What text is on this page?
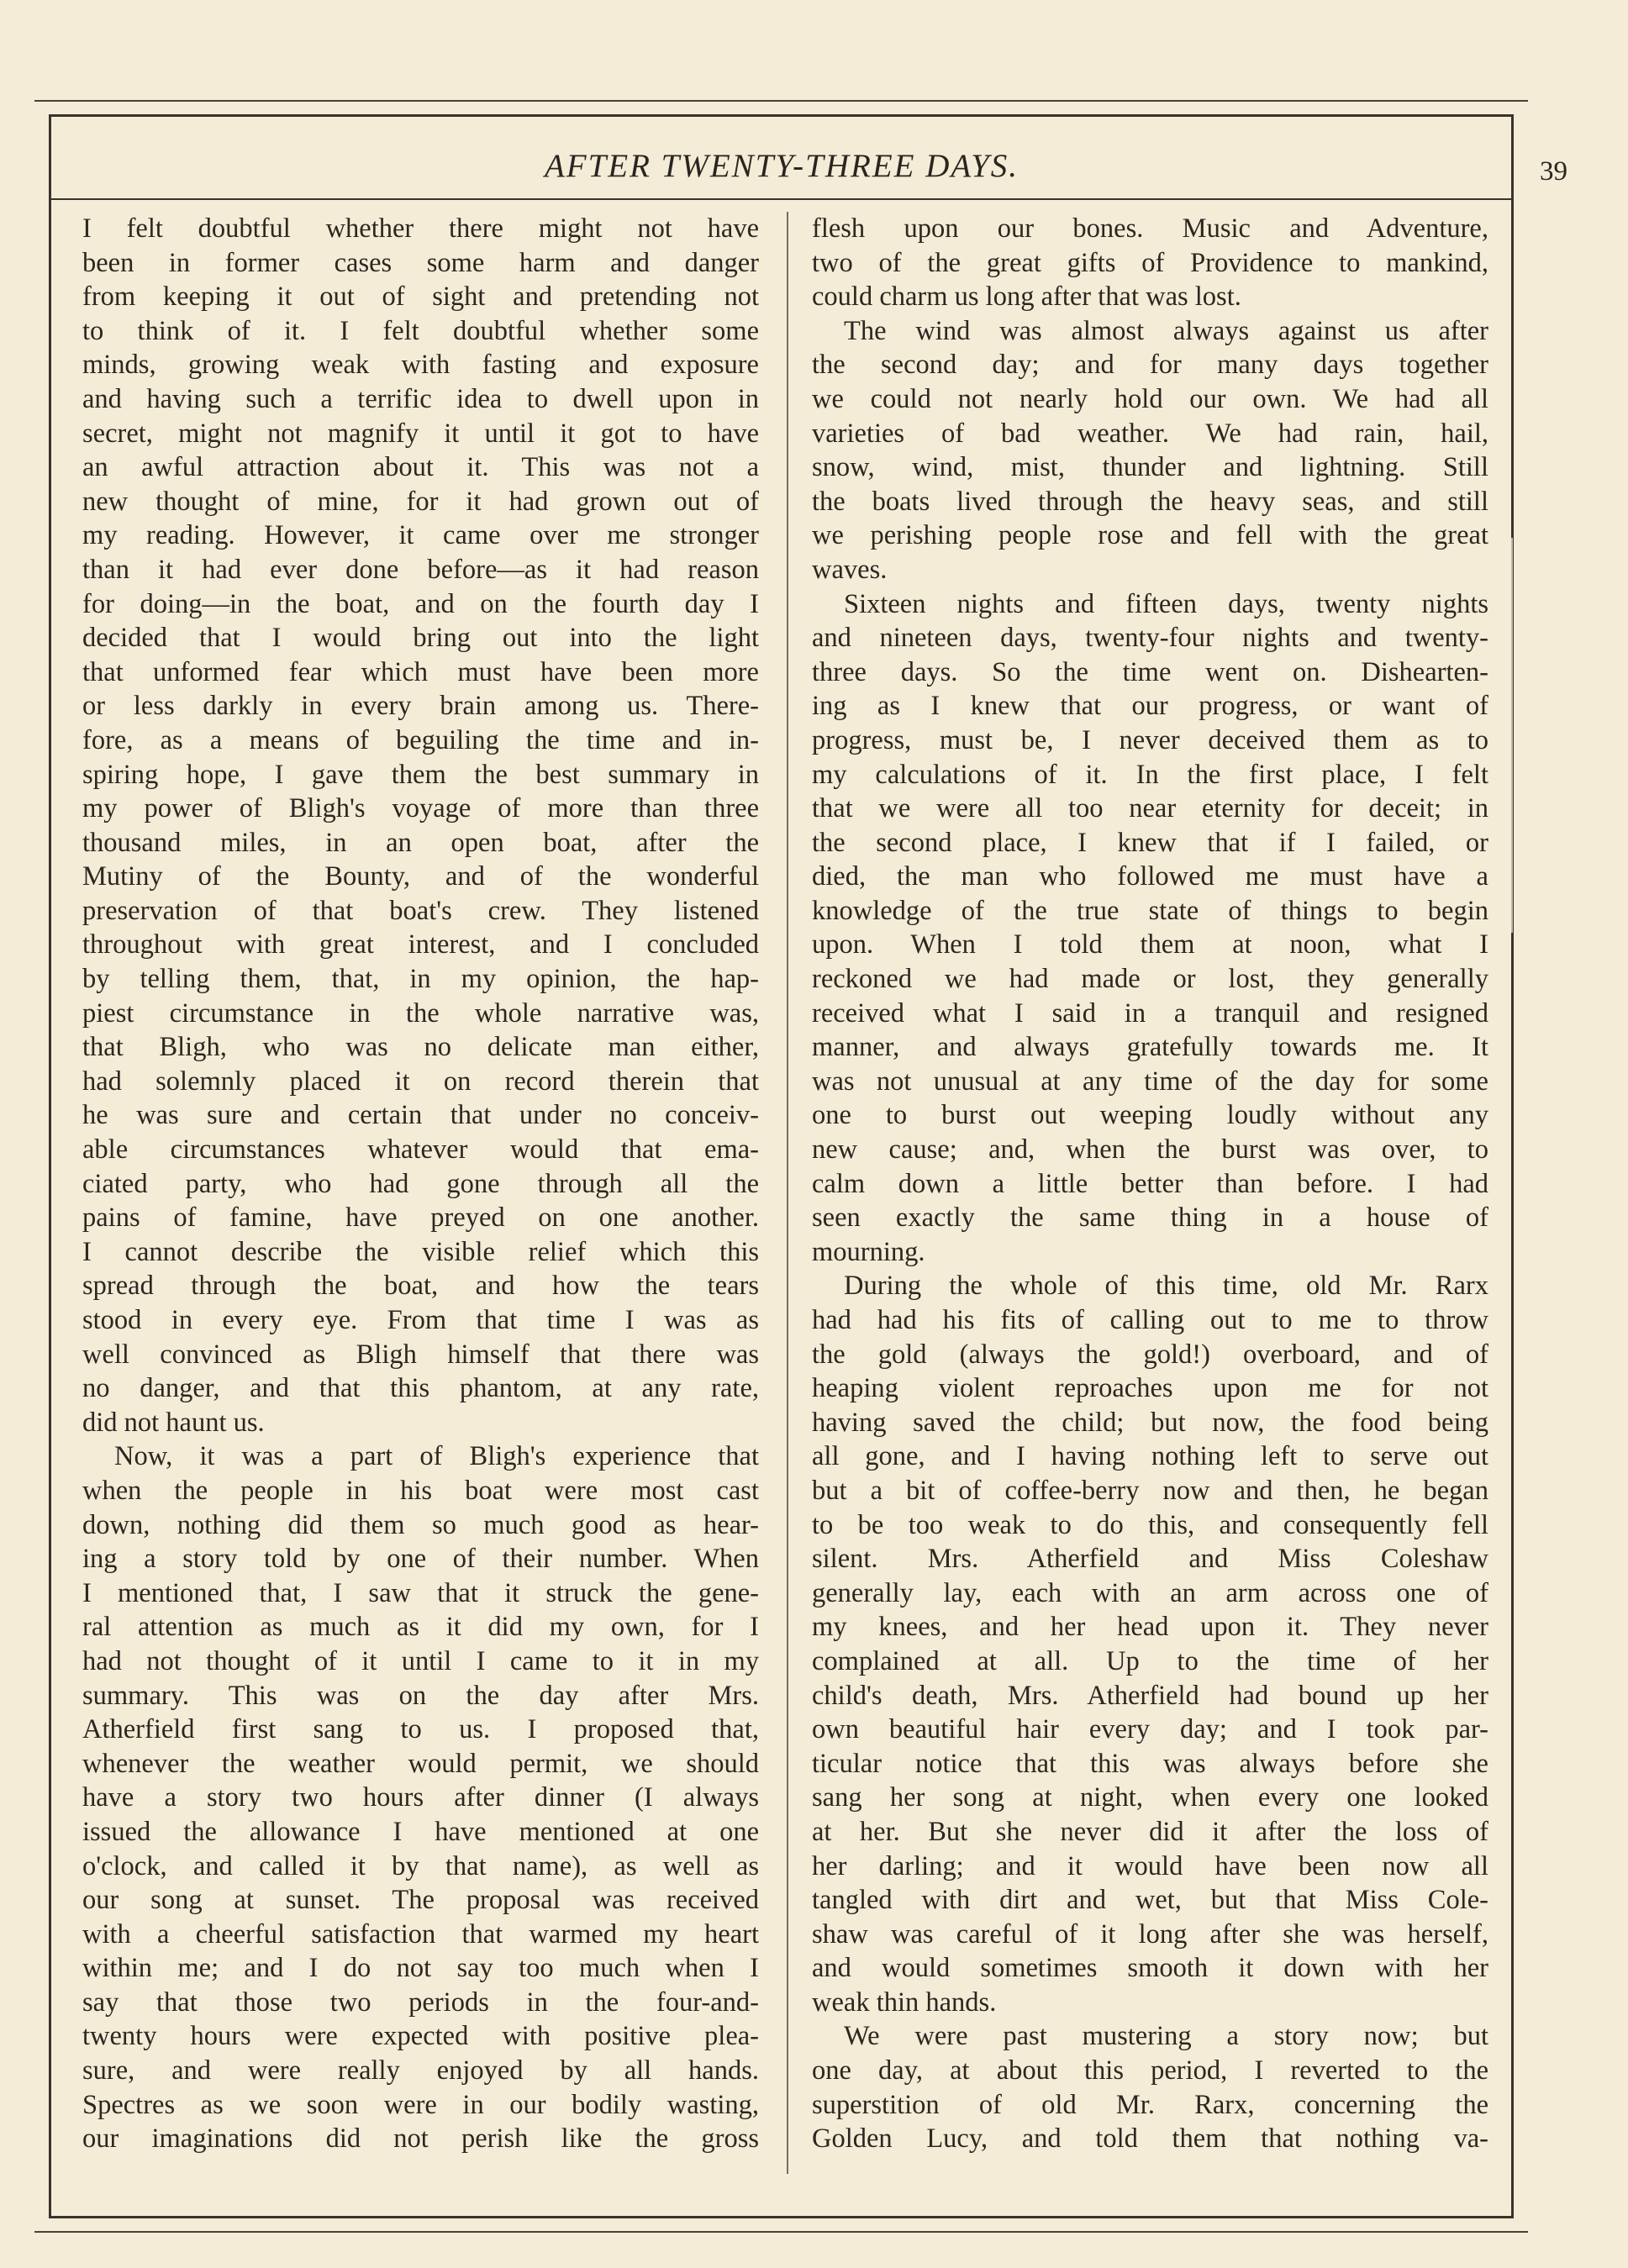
AFTER TWENTY-THREE DAYS.	39
I felt doubtful whether there might not have
been in former cases some harm and danger
from keeping it out of sight and pretending not
to think of it. I felt doubtful whether some
minds, growing weak with fasting and exposure
and having such a terrific idea to dwell upon in
secret, might not magnify it until it got to have
an awful attraction about it. This was not a
new thought of mine, for it had grown out of
my reading. However, it came over me stronger
than it had ever done before—as it had reason
for doing—in the boat, and on the fourth day I
decided that I would bring out into the light
that unformed fear which must have been more
or less darkly in every brain among us. There-
fore, as a means of beguiling the time and in-
spiring hope, I gave them the best summary in
my power of Bligh's voyage of more than three
thousand miles, in an open boat, after the
Mutiny of the Bounty, and of the wonderful
preservation of that boat's crew. They listened
throughout with great interest, and I concluded
by telling them, that, in my opinion, the hap-
piest circumstance in the whole narrative was,
that Bligh, who was no delicate man either,
had solemnly placed it on record therein that
he was sure and certain that under no conceiv-
able circumstances whatever would that ema-
ciated party, who had gone through all the
pains of famine, have preyed on one another.
I cannot describe the visible relief which this
spread through the boat, and how the tears
stood in every eye. From that time I was as
well convinced as Bligh himself that there was
no danger, and that this phantom, at any rate,
did not haunt us.
Now, it was a part of Bligh's experience that
when the people in his boat were most cast
down, nothing did them so much good as hear-
ing a story told by one of their number. When
I mentioned that, I saw that it struck the gene-
ral attention as much as it did my own, for I
had not thought of it until I came to it in my
summary. This was on the day after Mrs.
Atherfield first sang to us. I proposed that,
whenever the weather would permit, we should
have a story two hours after dinner (I always
issued the allowance I have mentioned at one
o'clock, and called it by that name), as well as
our song at sunset. The proposal was received
with a cheerful satisfaction that warmed my heart
within me; and I do not say too much when I
say that those two periods in the four-and-
twenty hours were expected with positive plea-
sure, and were really enjoyed by all hands.
Spectres as we soon were in our bodily wasting,
our imaginations did not perish like the gross
flesh upon our bones. Music and Adventure,
two of the great gifts of Providence to mankind,
could charm us long after that was lost.
The wind was almost always against us after
the second day; and for many days together
we could not nearly hold our own. We had all
varieties of bad weather. We had rain, hail,
snow, wind, mist, thunder and lightning. Still
the boats lived through the heavy seas, and still
we perishing people rose and fell with the great
waves.
Sixteen nights and fifteen days, twenty nights
and nineteen days, twenty-four nights and twenty-
three days. So the time went on. Dishearten-
ing as I knew that our progress, or want of
progress, must be, I never deceived them as to
my calculations of it. In the first place, I felt
that we were all too near eternity for deceit; in
the second place, I knew that if I failed, or
died, the man who followed me must have a
knowledge of the true state of things to begin
upon. When I told them at noon, what I
reckoned we had made or lost, they generally
received what I said in a tranquil and resigned
manner, and always gratefully towards me. It
was not unusual at any time of the day for some
one to burst out weeping loudly without any
new cause; and, when the burst was over, to
calm down a little better than before. I had
seen exactly the same thing in a house of
mourning.
During the whole of this time, old Mr. Rarx
had had his fits of calling out to me to throw
the gold (always the gold!) overboard, and of
heaping violent reproaches upon me for not
having saved the child; but now, the food being
all gone, and I having nothing left to serve out
but a bit of coffee-berry now and then, he began
to be too weak to do this, and consequently fell
silent. Mrs. Atherfield and Miss Coleshaw
generally lay, each with an arm across one of
my knees, and her head upon it. They never
complained at all. Up to the time of her
child's death, Mrs. Atherfield had bound up her
own beautiful hair every day; and I took par-
ticular notice that this was always before she
sang her song at night, when every one looked
at her. But she never did it after the loss of
her darling; and it would have been now all
tangled with dirt and wet, but that Miss Cole-
shaw was careful of it long after she was herself,
and would sometimes smooth it down with her
weak thin hands.
We were past mustering a story now; but
one day, at about this period, I reverted to the
superstition of old Mr. Rarx, concerning the
Golden Lucy, and told them that nothing va-
